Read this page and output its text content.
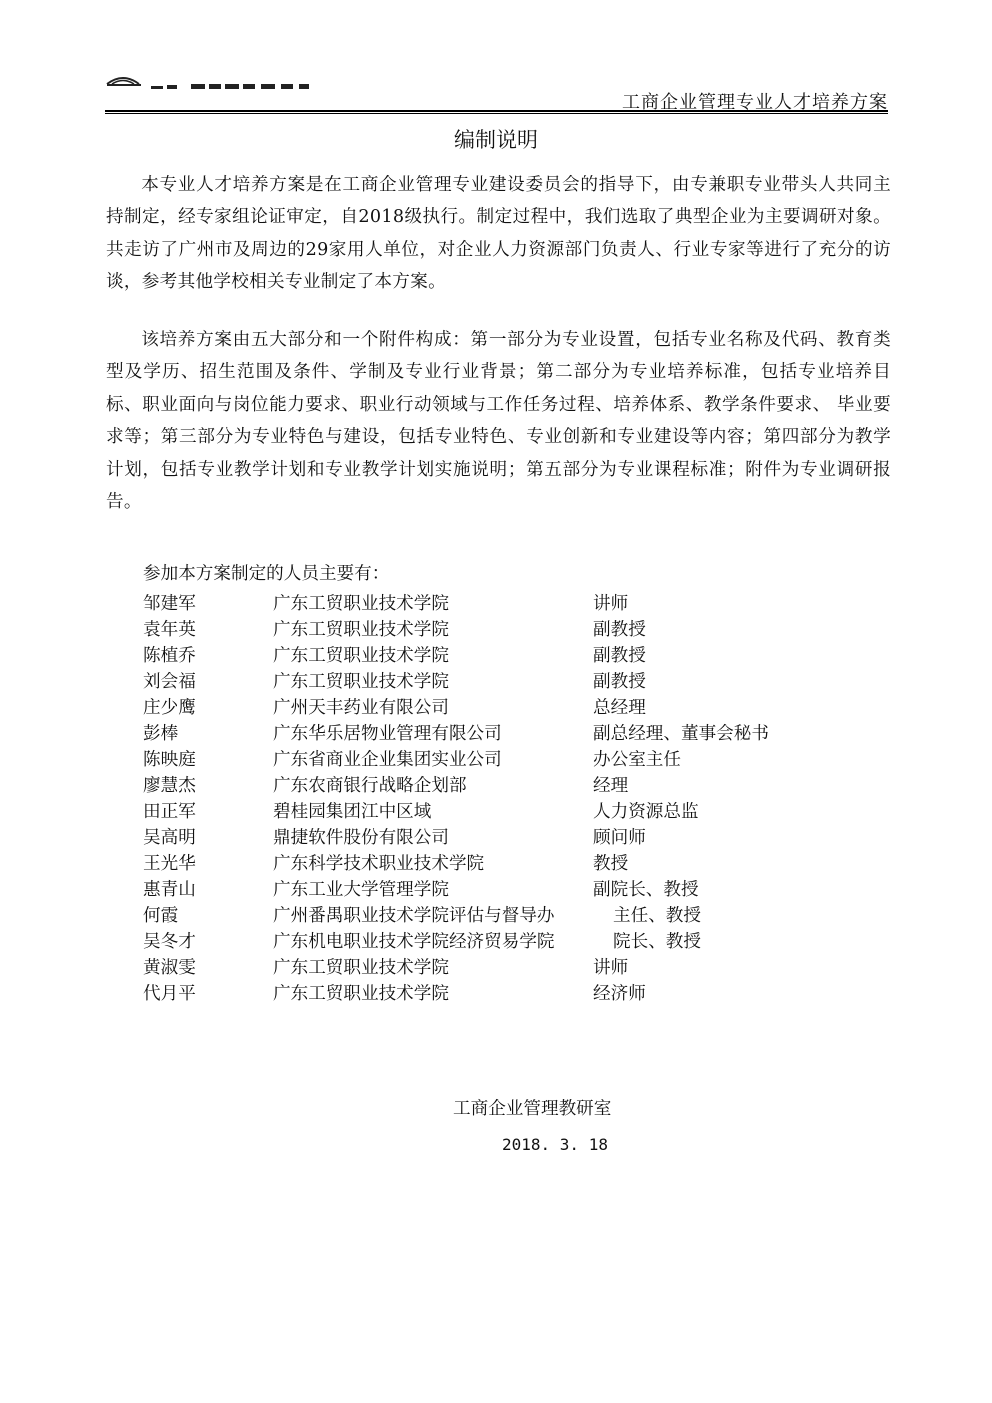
工商企业管理专业人才培养方案
编制说明

本专业人才培养方案是在工商企业管理专业建设委员会的指导下，由专兼职专业带头人共同主持制定，经专家组论证审定，自2018级执行。制定过程中，我们选取了典型企业为主要调研对象。共走访了广州市及周边的29家用人单位，对企业人力资源部门负责人、行业专家等进行了充分的访谈，参考其他学校相关专业制定了本方案。

该培养方案由五大部分和一个附件构成：第一部分为专业设置，包括专业名称及代码、教育类型及学历、招生范围及条件、学制及专业行业背景；第二部分为专业培养标准，包括专业培养目标、职业面向与岗位能力要求、职业行动领域与工作任务过程、培养体系、教学条件要求、 毕业要求等；第三部分为专业特色与建设，包括专业特色、专业创新和专业建设等内容；第四部分为教学计划，包括专业教学计划和专业教学计划实施说明；第五部分为专业课程标准；附件为专业调研报告。

参加本方案制定的人员主要有：
邹建军	广东工贸职业技术学院	讲师
袁年英	广东工贸职业技术学院	副教授
陈植乔	广东工贸职业技术学院	副教授
刘会福	广东工贸职业技术学院	副教授
庄少鹰	广州天丰药业有限公司	总经理
彭棒	广东华乐居物业管理有限公司	副总经理、董事会秘书
陈映庭	广东省商业企业集团实业公司	办公室主任
廖慧杰	广东农商银行战略企划部	经理
田正军	碧桂园集团江中区域	人力资源总监
吴高明	鼎捷软件股份有限公司	顾问师
王光华	广东科学技术职业技术学院	教授
惠青山	广东工业大学管理学院	副院长、教授
何霞	广州番禺职业技术学院评估与督导办	主任、教授
吴冬才	广东机电职业技术学院经济贸易学院	院长、教授
黄淑雯	广东工贸职业技术学院	讲师
代月平	广东工贸职业技术学院	经济师
工商企业管理教研室
2018. 3. 18
